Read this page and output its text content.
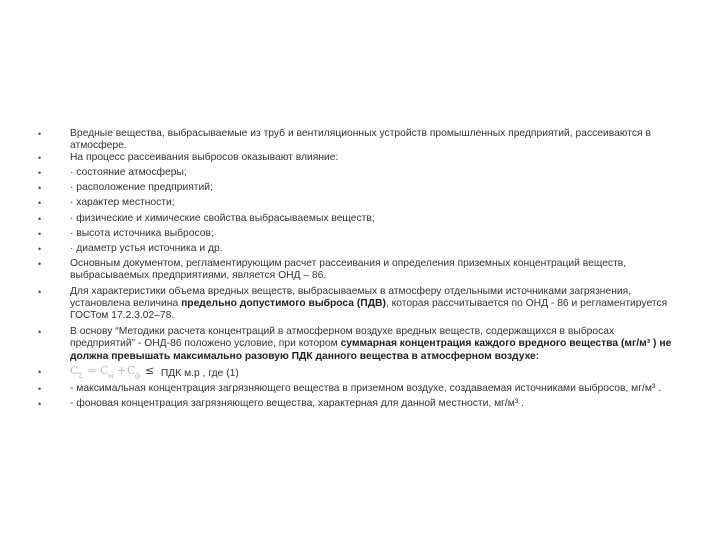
• Вредные вещества, выбрасываемые из труб и вентиляционных устройств промышленных предприятий, рассеиваются в атмосфере.
• На процесс рассеивания выбросов оказывают влияние:
• · состояние атмосферы;
• · расположение предприятий;
• · характер местности;
• · физические и химические свойства выбрасываемых веществ;
• · высота источника выбросов;
• · диаметр устья источника и др.
• Основным документом, регламентирующим расчет рассеивания и определения приземных концентраций веществ, выбрасываемых предприятиями, является ОНД – 86.
• Для характеристики объема вредных веществ, выбрасываемых в атмосферу отдельными источниками загрязнения, установлена величина предельно допустимого выброса (ПДВ), которая рассчитывается по ОНД - 86 и регламентируется ГОСТом 17.2.3.02–78.
• В основу “Методики расчета концентраций в атмосферном воздухе вредных веществ, содержащихся в выбросах предприятий” - ОНД-86 положено условие, при котором суммарная концентрация каждого вредного вещества (мг/м³ ) не должна превышать максимально разовую ПДК данного вещества в атмосферном воздухе:
• C Σ = C м + C ф ≤ ПДК м.р , где (1)
• - максимальная концентрация загрязняющего вещества в приземном воздухе, создаваемая источниками выбросов, мг/м³ .
• - фоновая концентрация загрязняющего вещества, характерная для данной местности, мг/м³ .
